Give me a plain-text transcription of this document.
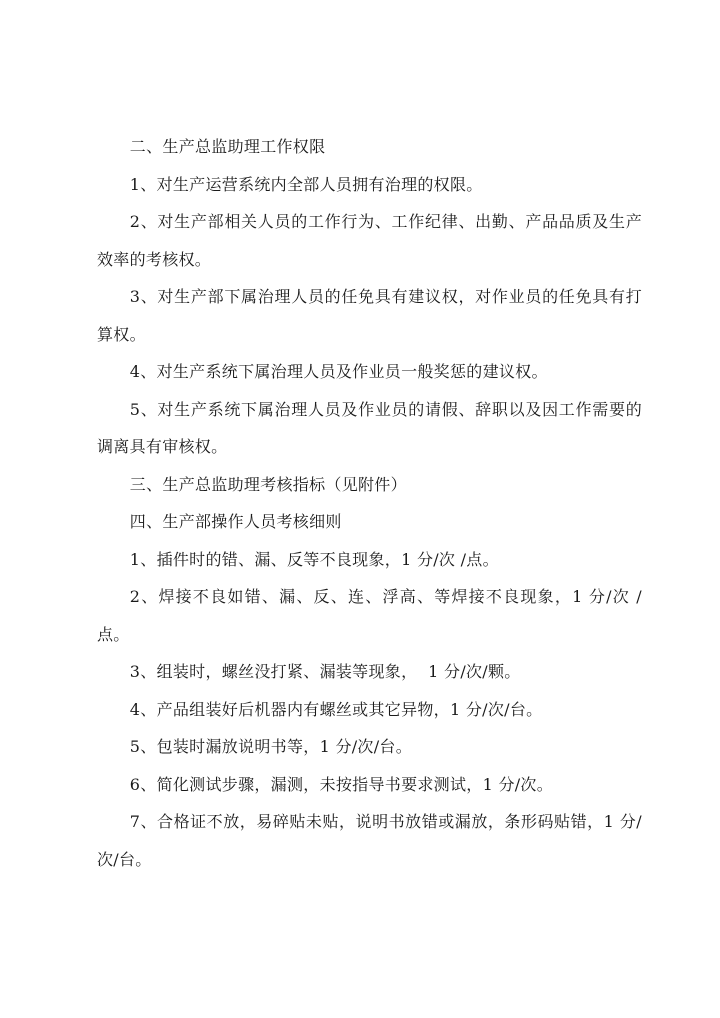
二、生产总监助理工作权限

1、对生产运营系统内全部人员拥有治理的权限。

2、对生产部相关人员的工作行为、工作纪律、出勤、产品品质及生产效率的考核权。

3、对生产部下属治理人员的任免具有建议权，对作业员的任免具有打算权。

4、对生产系统下属治理人员及作业员一般奖惩的建议权。

5、对生产系统下属治理人员及作业员的请假、辞职以及因工作需要的调离具有审核权。

三、生产总监助理考核指标（见附件）

四、生产部操作人员考核细则

1、插件时的错、漏、反等不良现象，1 分/次 /点。

2、焊接不良如错、漏、反、连、浮高、等焊接不良现象，1 分/次 /点。

3、组装时，螺丝没打紧、漏装等现象，  1 分/次/颗。

4、产品组装好后机器内有螺丝或其它异物，1 分/次/台。

5、包装时漏放说明书等，1 分/次/台。

6、简化测试步骤，漏测，未按指导书要求测试，1 分/次。

7、合格证不放，易碎贴未贴，说明书放错或漏放，条形码贴错，1 分/次/台。
